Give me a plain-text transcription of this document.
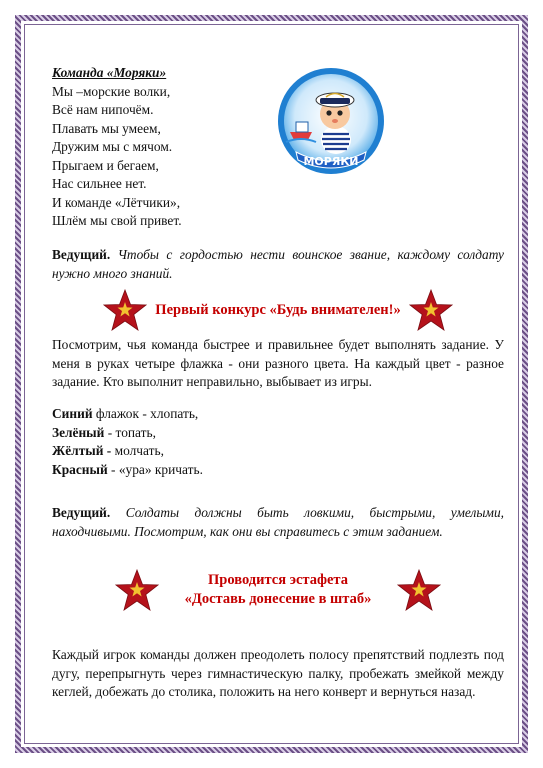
Команда «Моряки»

Мы –морские волки,

Всё нам нипочём.

Плавать мы умеем,

Дружим мы с мячом.

Прыгаем и бегаем,

Нас сильнее нет.

И команде «Лётчики»,

Шлём мы свой привет.

МОРЯКИ

Ведущий. Чтобы с гордостью нести воинское звание, каждому солдату нужно много знаний.

Первый конкурс «Будь внимателен!»

Посмотрим, чья команда быстрее и правильнее будет выполнять задание. У меня в руках четыре флажка - они разного цвета. На каждый цвет - разное задание. Кто выполнит неправильно, выбывает из игры.

Синий флажок - хлопать,
Зелёный - топать,
Жёлтый - молчать,
Красный - «ура» кричать.

Ведущий. Солдаты должны быть ловкими, быстрыми, умелыми, находчивыми. Посмотрим, как они вы справитесь с этим заданием.

Проводится эстафета
«Доставь донесение в штаб»

Каждый игрок команды должен преодолеть полосу препятствий подлезть под дугу, перепрыгнуть через гимнастическую палку, пробежать змейкой между кеглей, добежать до столика, положить на него конверт и вернуться назад.
